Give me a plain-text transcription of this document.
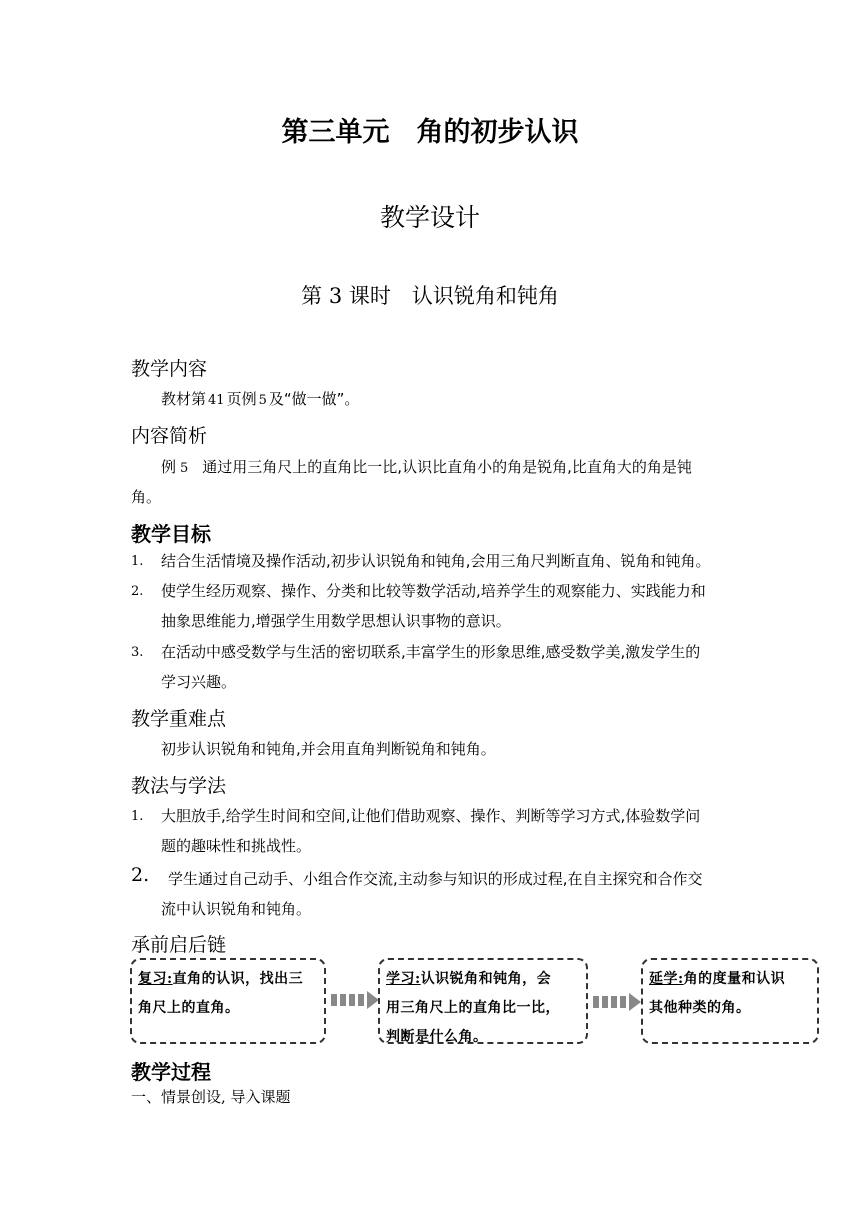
第三单元　角的初步认识
教学设计
第 3 课时　认识锐角和钝角
教学内容
教材第 41 页例 5 及“做一做”。
内容简析
例 5 通过用三角尺上的直角比一比,认识比直角小的角是锐角,比直角大的角是钝
角。
教学目标
1. 结合生活情境及操作活动,初步认识锐角和钝角,会用三角尺判断直角、锐角和钝角。
2. 使学生经历观察、操作、分类和比较等数学活动,培养学生的观察能力、实践能力和
抽象思维能力,增强学生用数学思想认识事物的意识。
3. 在活动中感受数学与生活的密切联系,丰富学生的形象思维,感受数学美,激发学生的
学习兴趣。
教学重难点
初步认识锐角和钝角,并会用直角判断锐角和钝角。
教法与学法
1. 大胆放手,给学生时间和空间,让他们借助观察、操作、判断等学习方式,体验数学问
题的趣味性和挑战性。
2. 学生通过自己动手、小组合作交流,主动参与知识的形成过程,在自主探究和合作交
流中认识锐角和钝角。
承前启后链
复习:直角的认识，找出三
角尺上的直角。
学习:认识锐角和钝角，会
用三角尺上的直角比一比，
判断是什么角。
延学:角的度量和认识
其他种类的角。
教学过程
一、情景创设, 导入课题
